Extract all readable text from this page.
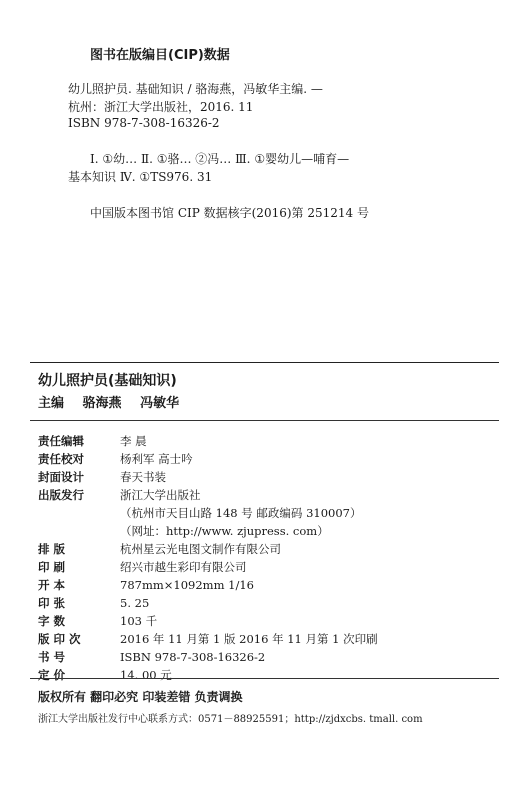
图书在版编目(CIP)数据
幼儿照护员. 基础知识 / 骆海燕，冯敏华主编. —
杭州：浙江大学出版社，2016. 11
ISBN 978-7-308-16326-2
Ⅰ. ①幼… Ⅱ. ①骆… ②冯… Ⅲ. ①婴幼儿—哺育—
基本知识 Ⅳ. ①TS976. 31
中国版本图书馆 CIP 数据核字(2016)第 251214 号
幼儿照护员(基础知识)
主编 骆海燕 冯敏华
责任编辑	李 晨
责任校对	杨利军 高士吟
封面设计	春天书装
出版发行	浙江大学出版社
（杭州市天目山路 148 号 邮政编码 310007）
（网址：http://www. zjupress. com）
排 版	杭州星云光电图文制作有限公司
印 刷	绍兴市越生彩印有限公司
开 本	787mm×1092mm 1/16
印 张	5. 25
字 数	103 千
版 印 次	2016 年 11 月第 1 版 2016 年 11 月第 1 次印刷
书 号	ISBN 978-7-308-16326-2
定 价	14. 00 元
版权所有 翻印必究 印装差错 负责调换
浙江大学出版社发行中心联系方式：0571－88925591；http://zjdxcbs. tmall. com
